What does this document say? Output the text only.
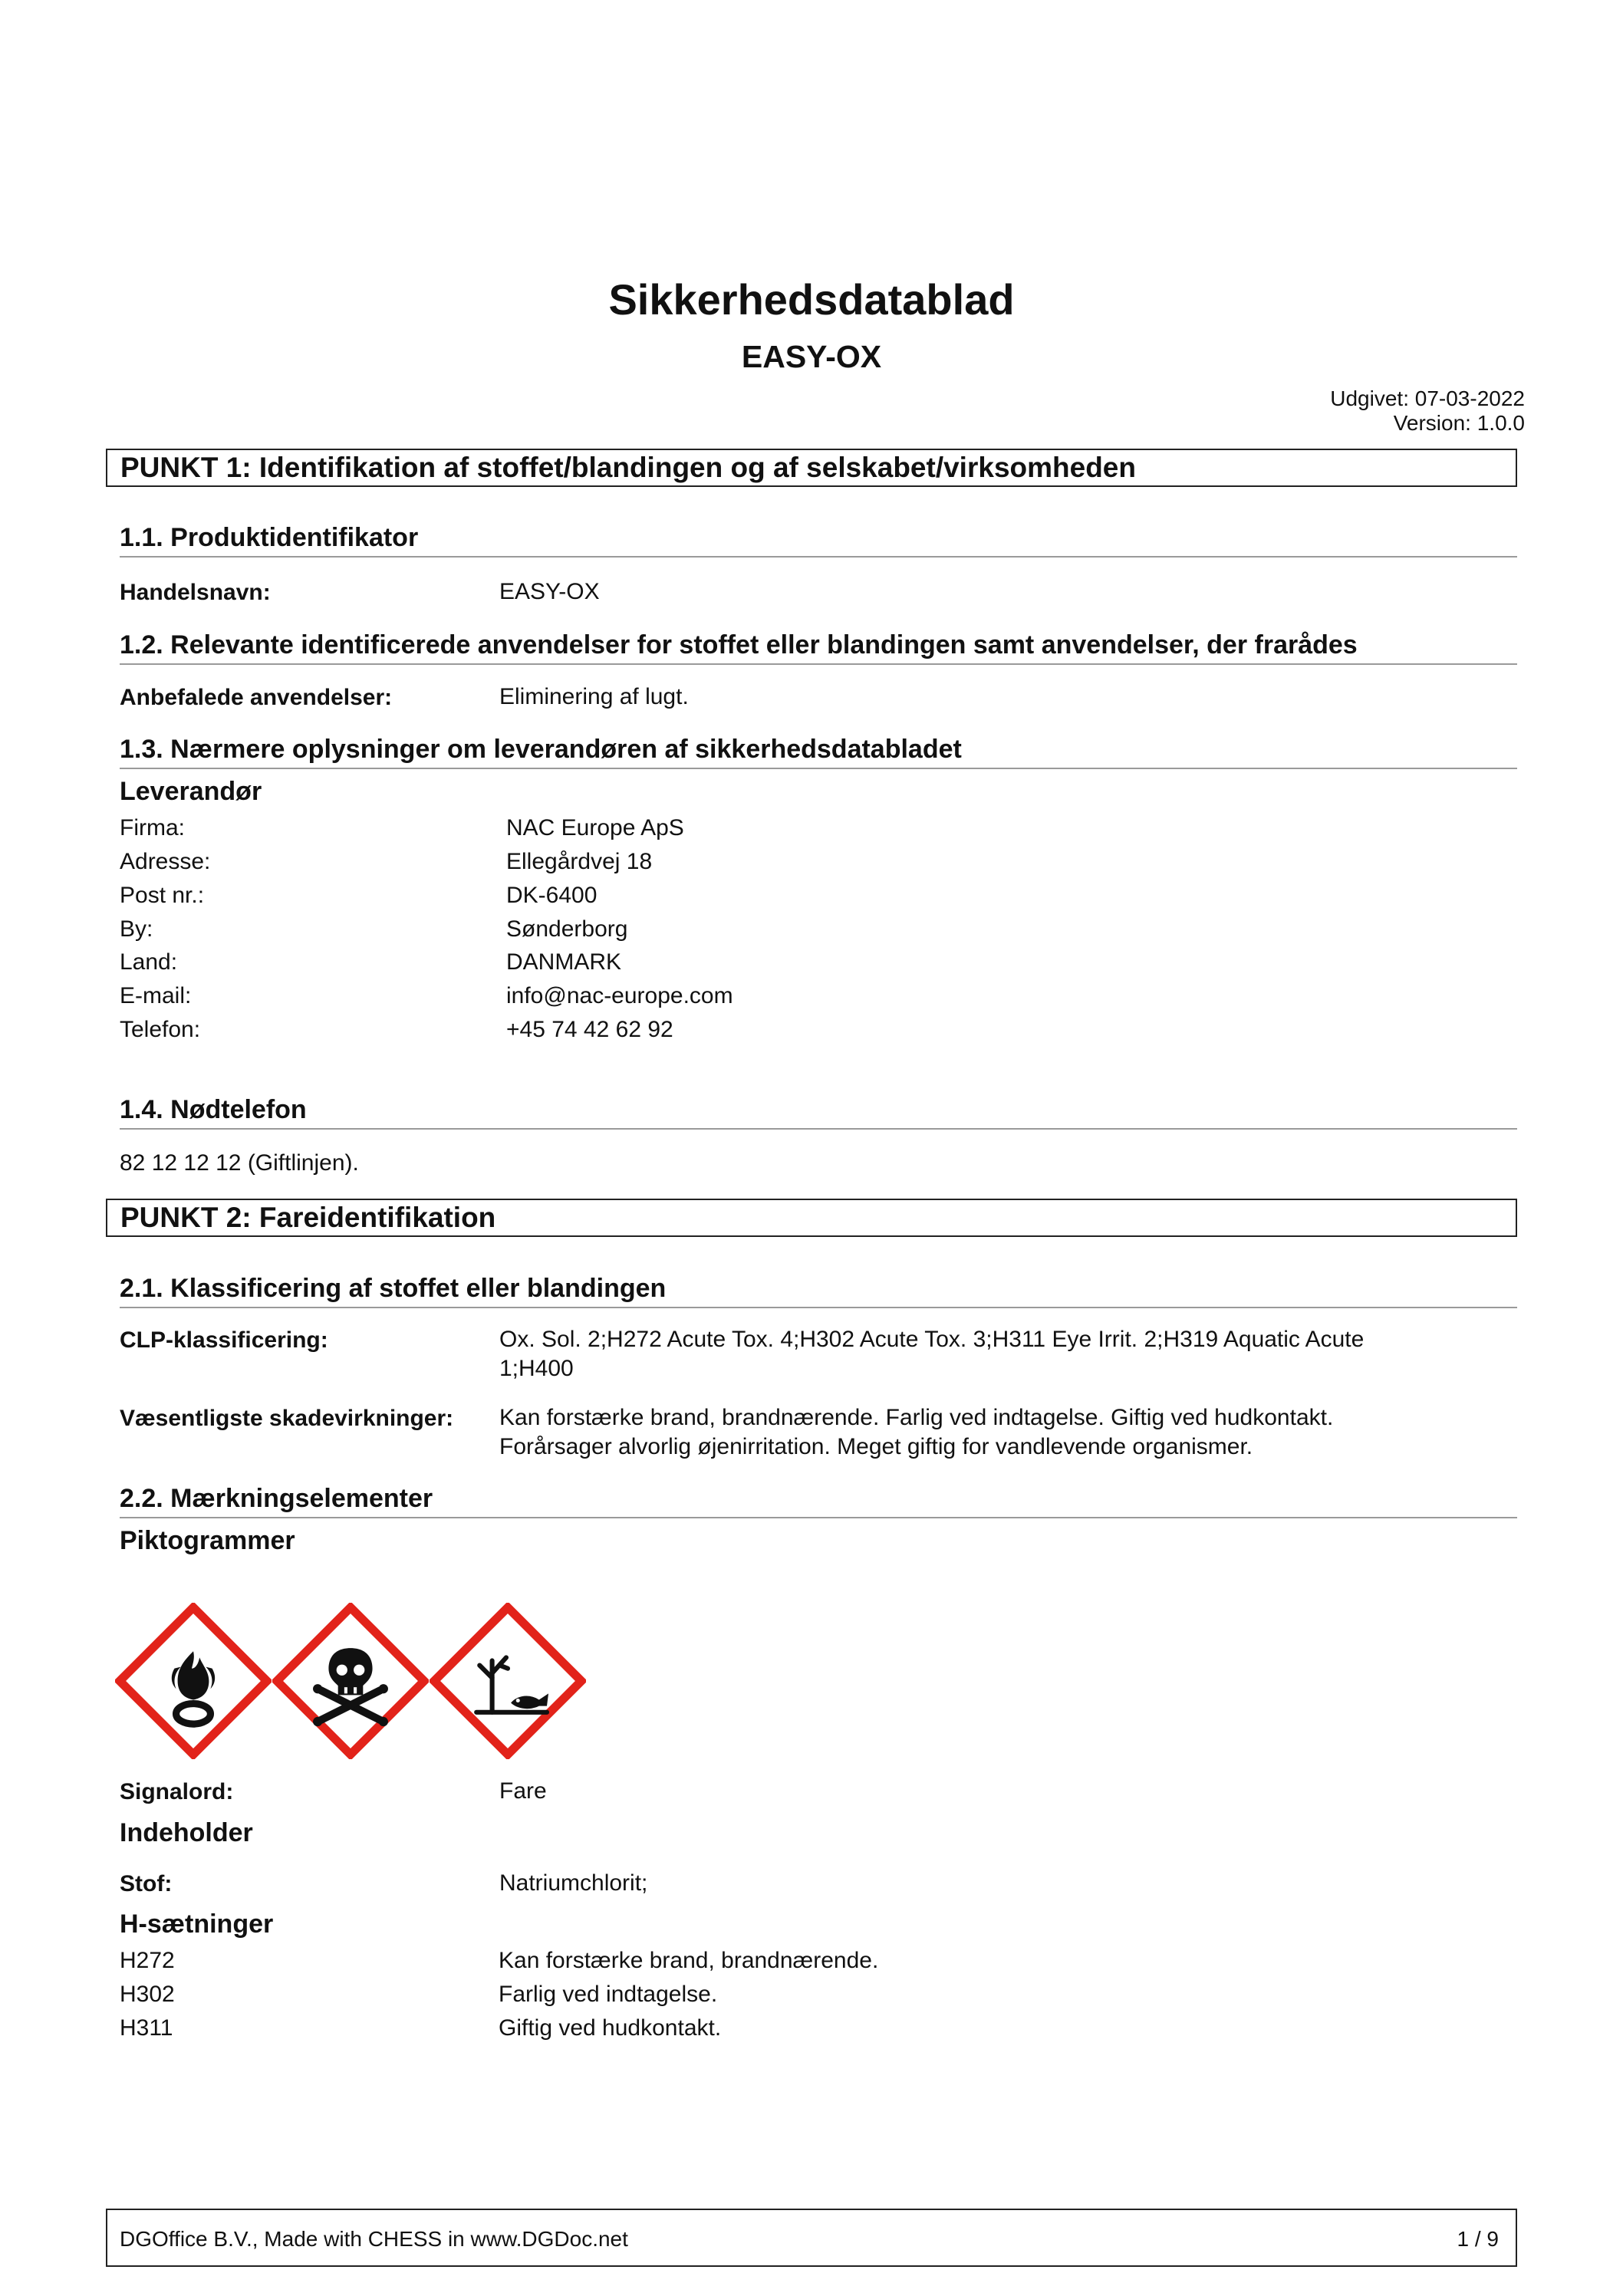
Sikkerhedsdatablad
EASY-OX
Udgivet: 07-03-2022
Version: 1.0.0
PUNKT 1: Identifikation af stoffet/blandingen og af selskabet/virksomheden
1.1. Produktidentifikator
Handelsnavn:	EASY-OX
1.2. Relevante identificerede anvendelser for stoffet eller blandingen samt anvendelser, der frarådes
Anbefalede anvendelser:	Eliminering af lugt.
1.3. Nærmere oplysninger om leverandøren af sikkerhedsdatabladet
Leverandør
Firma:	NAC Europe ApS
Adresse:	Ellegårdvej 18
Post nr.:	DK-6400
By:	Sønderborg
Land:	DANMARK
E-mail:	info@nac-europe.com
Telefon:	+45 74 42 62 92
1.4. Nødtelefon
82 12 12 12 (Giftlinjen).
PUNKT 2: Fareidentifikation
2.1. Klassificering af stoffet eller blandingen
CLP-klassificering:	Ox. Sol. 2;H272 Acute Tox. 4;H302 Acute Tox. 3;H311 Eye Irrit. 2;H319 Aquatic Acute
1;H400
Væsentligste skadevirkninger: Kan forstærke brand, brandnærende. Farlig ved indtagelse. Giftig ved hudkontakt.
Forårsager alvorlig øjenirritation. Meget giftig for vandlevende organismer.
2.2. Mærkningselementer
Piktogrammer
Signalord:	Fare
Indeholder
Stof:	Natriumchlorit;
H-sætninger
H272	Kan forstærke brand, brandnærende.
H302	Farlig ved indtagelse.
H311	Giftig ved hudkontakt.
DGOffice B.V., Made with CHESS in www.DGDoc.net	1 / 9
